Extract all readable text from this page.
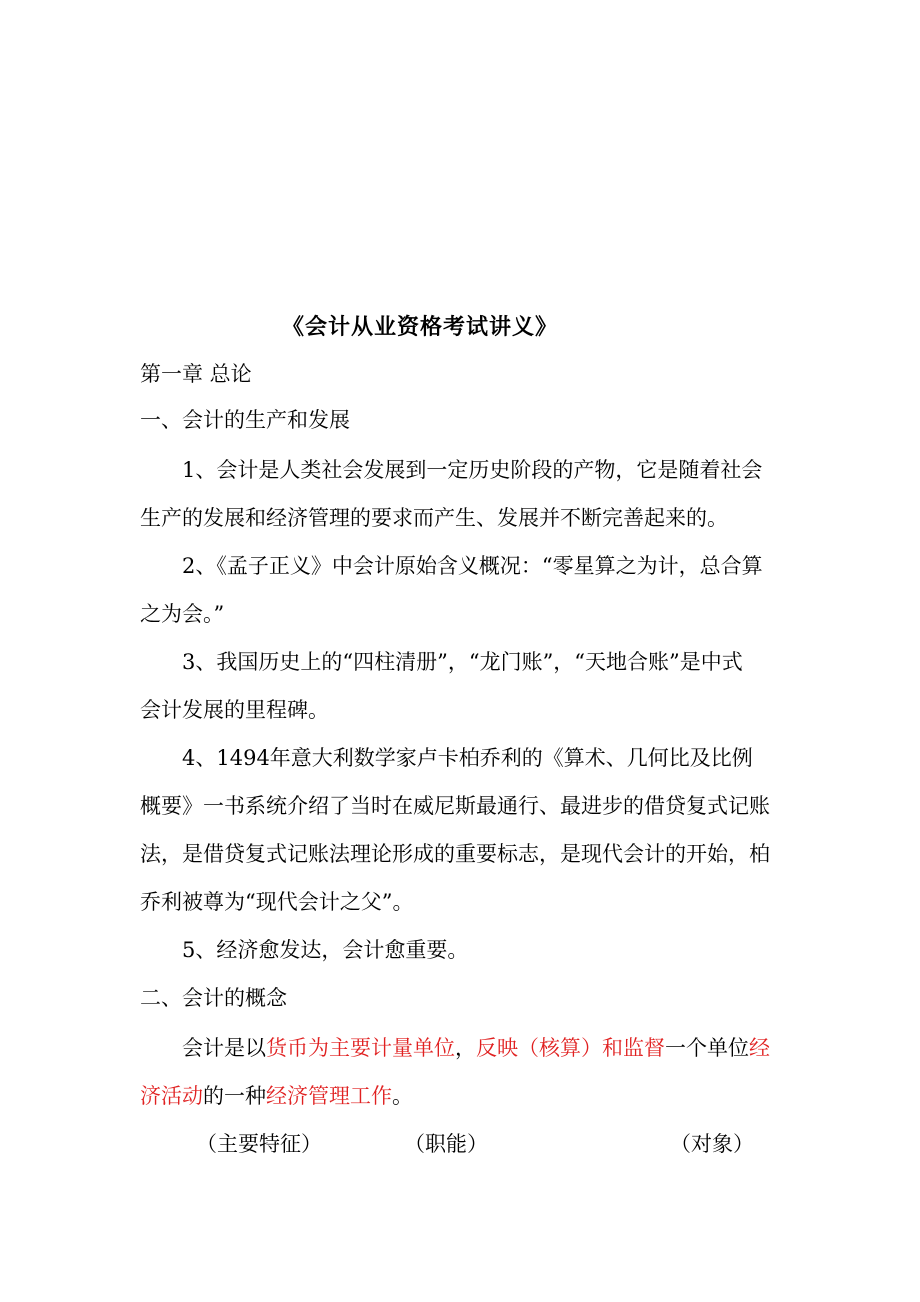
《会计从业资格考试讲义》
第一章 总论
一、会计的生产和发展
1、会计是人类社会发展到一定历史阶段的产物，它是随着社会
生产的发展和经济管理的要求而产生、发展并不断完善起来的。
2、《孟子正义》中会计原始含义概况：“零星算之为计，总合算
之为会。”
3、我国历史上的“四柱清册”，“龙门账”，“天地合账”是中式
会计发展的里程碑。
4、1494年意大利数学家卢卡柏乔利的《算术、几何比及比例
概要》一书系统介绍了当时在威尼斯最通行、最进步的借贷复式记账
法，是借贷复式记账法理论形成的重要标志，是现代会计的开始，柏
乔利被尊为“现代会计之父”。
5、经济愈发达，会计愈重要。
二、会计的概念
会计是以货币为主要计量单位，反映（核算）和监督一个单位经
济活动的一种经济管理工作。
（主要特征）	（职能）	（对象）
